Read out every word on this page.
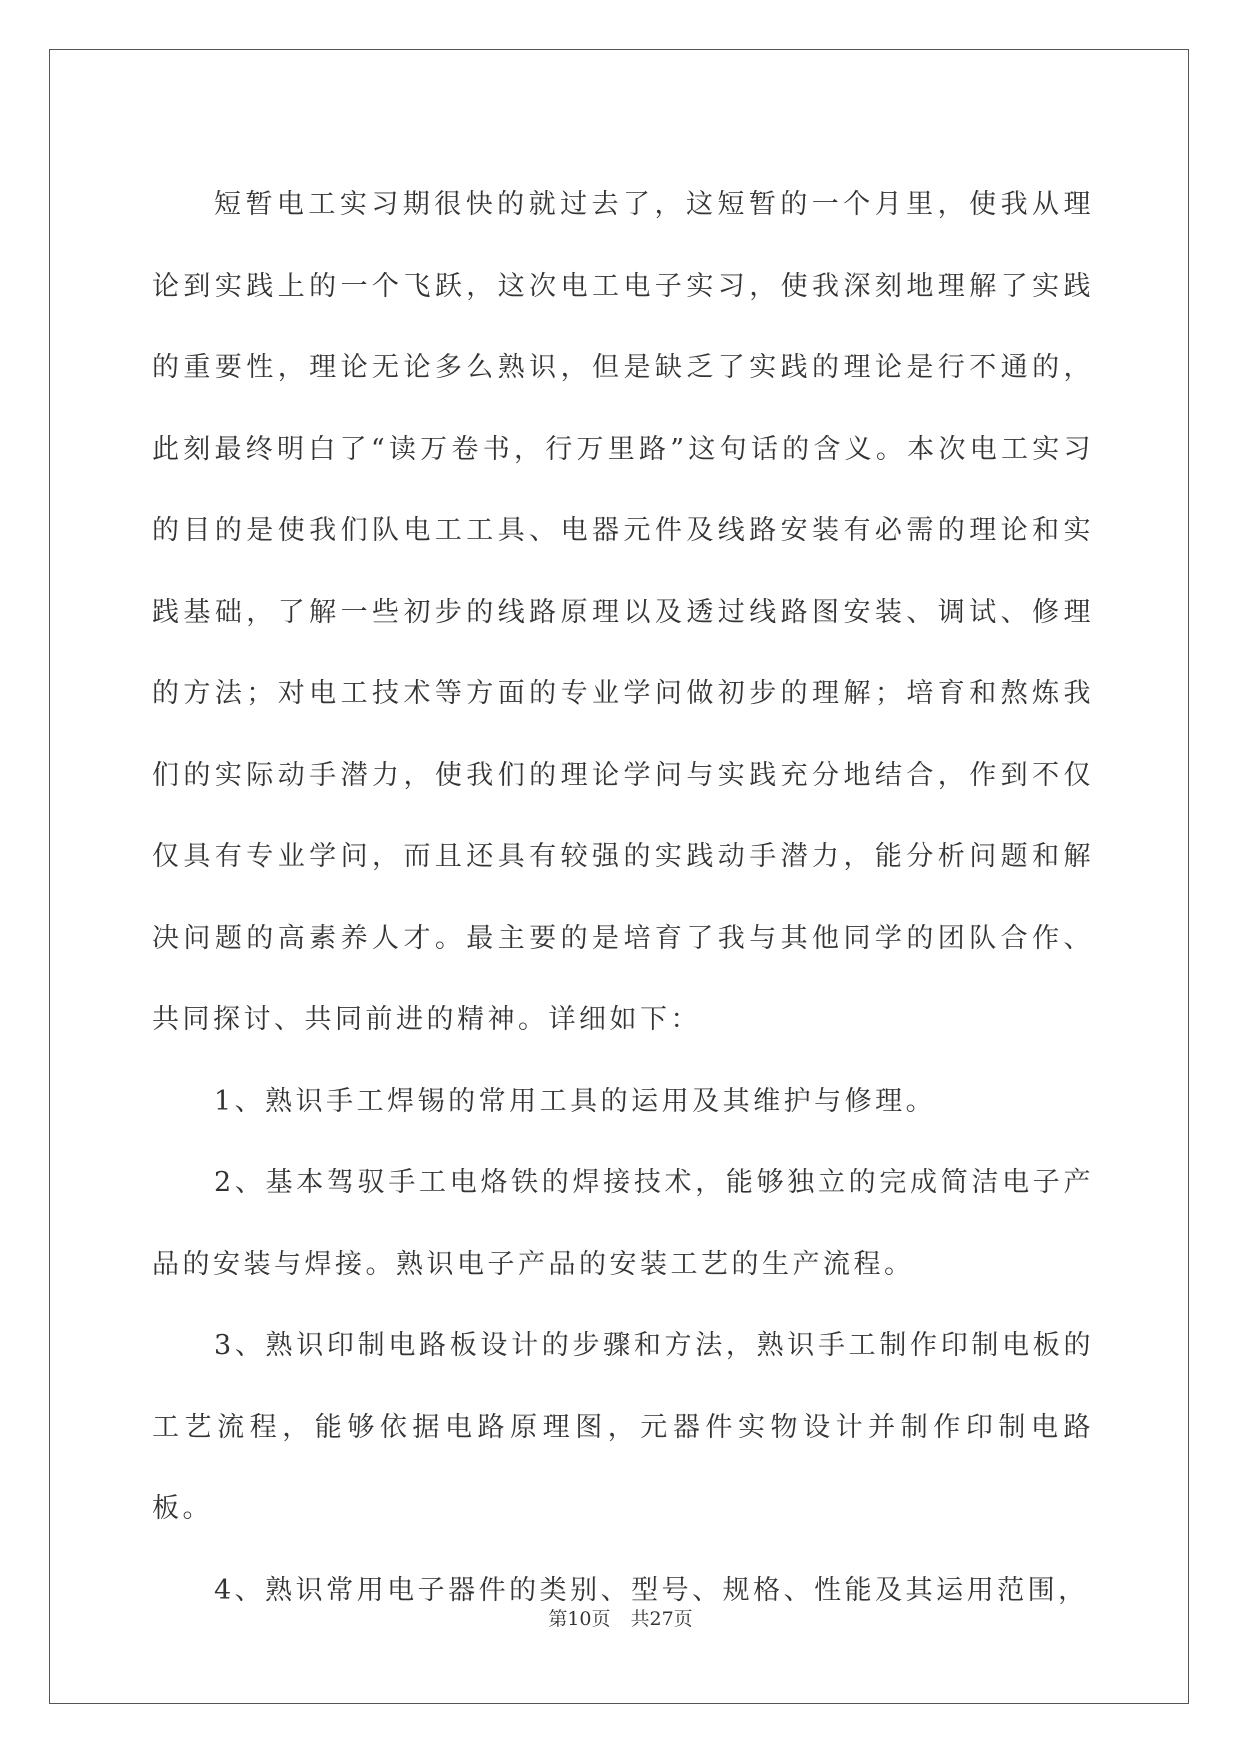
短暂电工实习期很快的就过去了，这短暂的一个月里，使我从理论到实践上的一个飞跃，这次电工电子实习，使我深刻地理解了实践的重要性，理论无论多么熟识，但是缺乏了实践的理论是行不通的，此刻最终明白了“读万卷书，行万里路”这句话的含义。本次电工实习的目的是使我们队电工工具、电器元件及线路安装有必需的理论和实践基础，了解一些初步的线路原理以及透过线路图安装、调试、修理的方法；对电工技术等方面的专业学问做初步的理解；培育和熬炼我们的实际动手潜力，使我们的理论学问与实践充分地结合，作到不仅仅具有专业学问，而且还具有较强的实践动手潜力，能分析问题和解决问题的高素养人才。最主要的是培育了我与其他同学的团队合作、共同探讨、共同前进的精神。详细如下：

1、熟识手工焊锡的常用工具的运用及其维护与修理。

2、基本驾驭手工电烙铁的焊接技术，能够独立的完成简洁电子产品的安装与焊接。熟识电子产品的安装工艺的生产流程。

3、熟识印制电路板设计的步骤和方法，熟识手工制作印制电板的工艺流程，能够依据电路原理图，元器件实物设计并制作印制电路板。

4、熟识常用电子器件的类别、型号、规格、性能及其运用范围，

第10页 共27页
